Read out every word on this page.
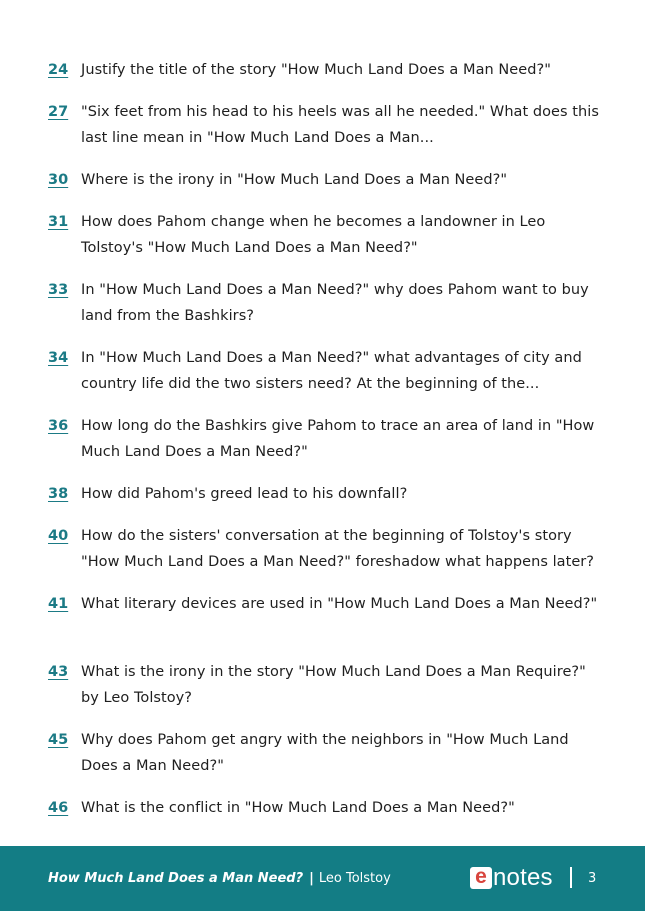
24 Justify the title of the story "How Much Land Does a Man Need?"
27 "Six feet from his head to his heels was all he needed." What does this last line mean in "How Much Land Does a Man...
30 Where is the irony in "How Much Land Does a Man Need?"
31 How does Pahom change when he becomes a landowner in Leo Tolstoy's "How Much Land Does a Man Need?"
33 In "How Much Land Does a Man Need?" why does Pahom want to buy land from the Bashkirs?
34 In "How Much Land Does a Man Need?" what advantages of city and country life did the two sisters need? At the beginning of the...
36 How long do the Bashkirs give Pahom to trace an area of land in "How Much Land Does a Man Need?"
38 How did Pahom's greed lead to his downfall?
40 How do the sisters' conversation at the beginning of Tolstoy's story "How Much Land Does a Man Need?" foreshadow what happens later?
41 What literary devices are used in "How Much Land Does a Man Need?"
43 What is the irony in the story "How Much Land Does a Man Require?" by Leo Tolstoy?
45 Why does Pahom get angry with the neighbors in "How Much Land Does a Man Need?"
46 What is the conflict in "How Much Land Does a Man Need?"
How Much Land Does a Man Need? | Leo Tolstoy	e notes	3
